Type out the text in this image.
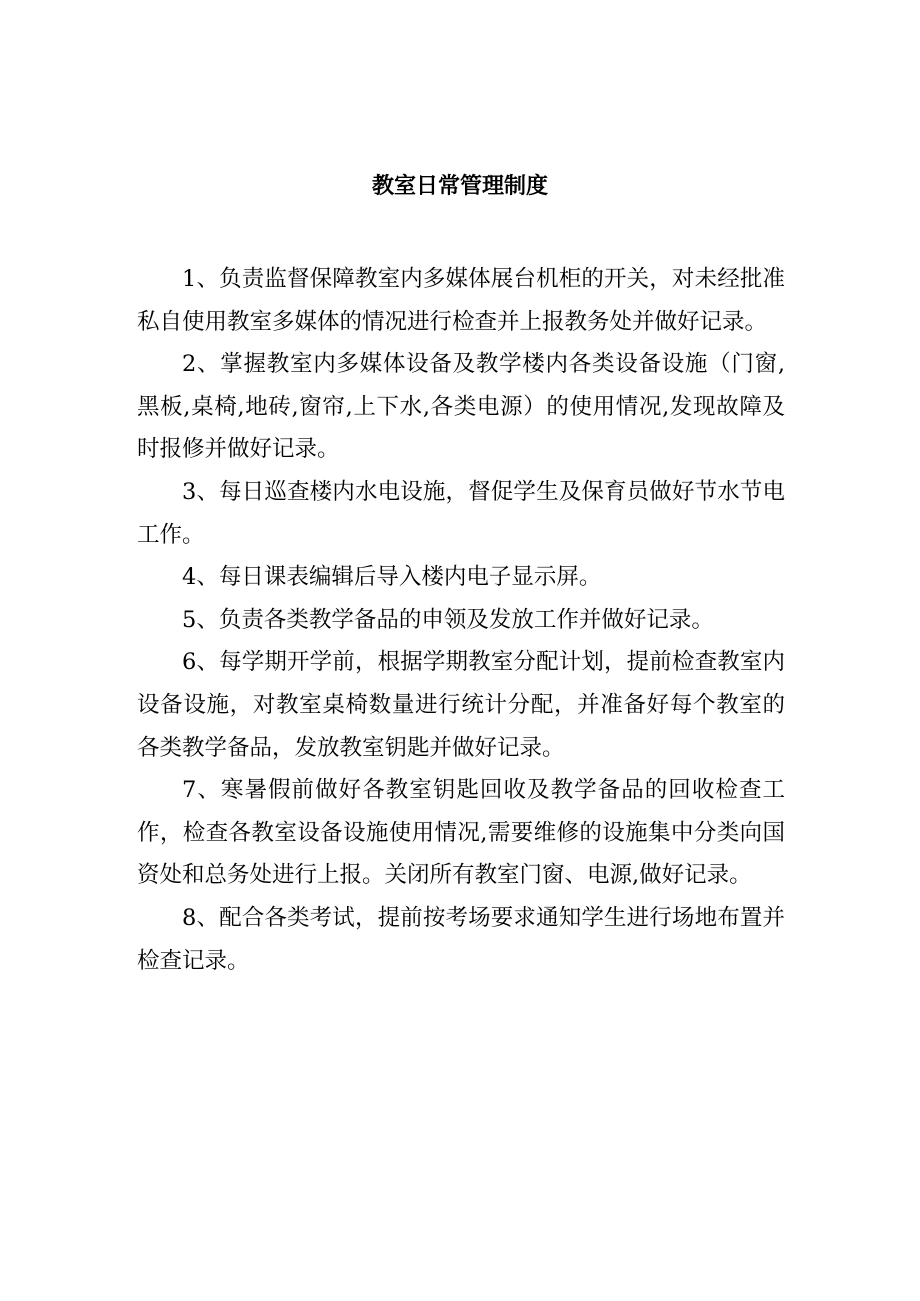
教室日常管理制度

1、负责监督保障教室内多媒体展台机柜的开关，对未经批准私自使用教室多媒体的情况进行检查并上报教务处并做好记录。

2、掌握教室内多媒体设备及教学楼内各类设备设施（门窗,黑板,桌椅,地砖,窗帘,上下水,各类电源）的使用情况,发现故障及时报修并做好记录。

3、每日巡查楼内水电设施，督促学生及保育员做好节水节电工作。

4、每日课表编辑后导入楼内电子显示屏。

5、负责各类教学备品的申领及发放工作并做好记录。

6、每学期开学前，根据学期教室分配计划，提前检查教室内设备设施，对教室桌椅数量进行统计分配，并准备好每个教室的各类教学备品，发放教室钥匙并做好记录。

7、寒暑假前做好各教室钥匙回收及教学备品的回收检查工作，检查各教室设备设施使用情况,需要维修的设施集中分类向国资处和总务处进行上报。关闭所有教室门窗、电源,做好记录。

8、配合各类考试，提前按考场要求通知学生进行场地布置并检查记录。
